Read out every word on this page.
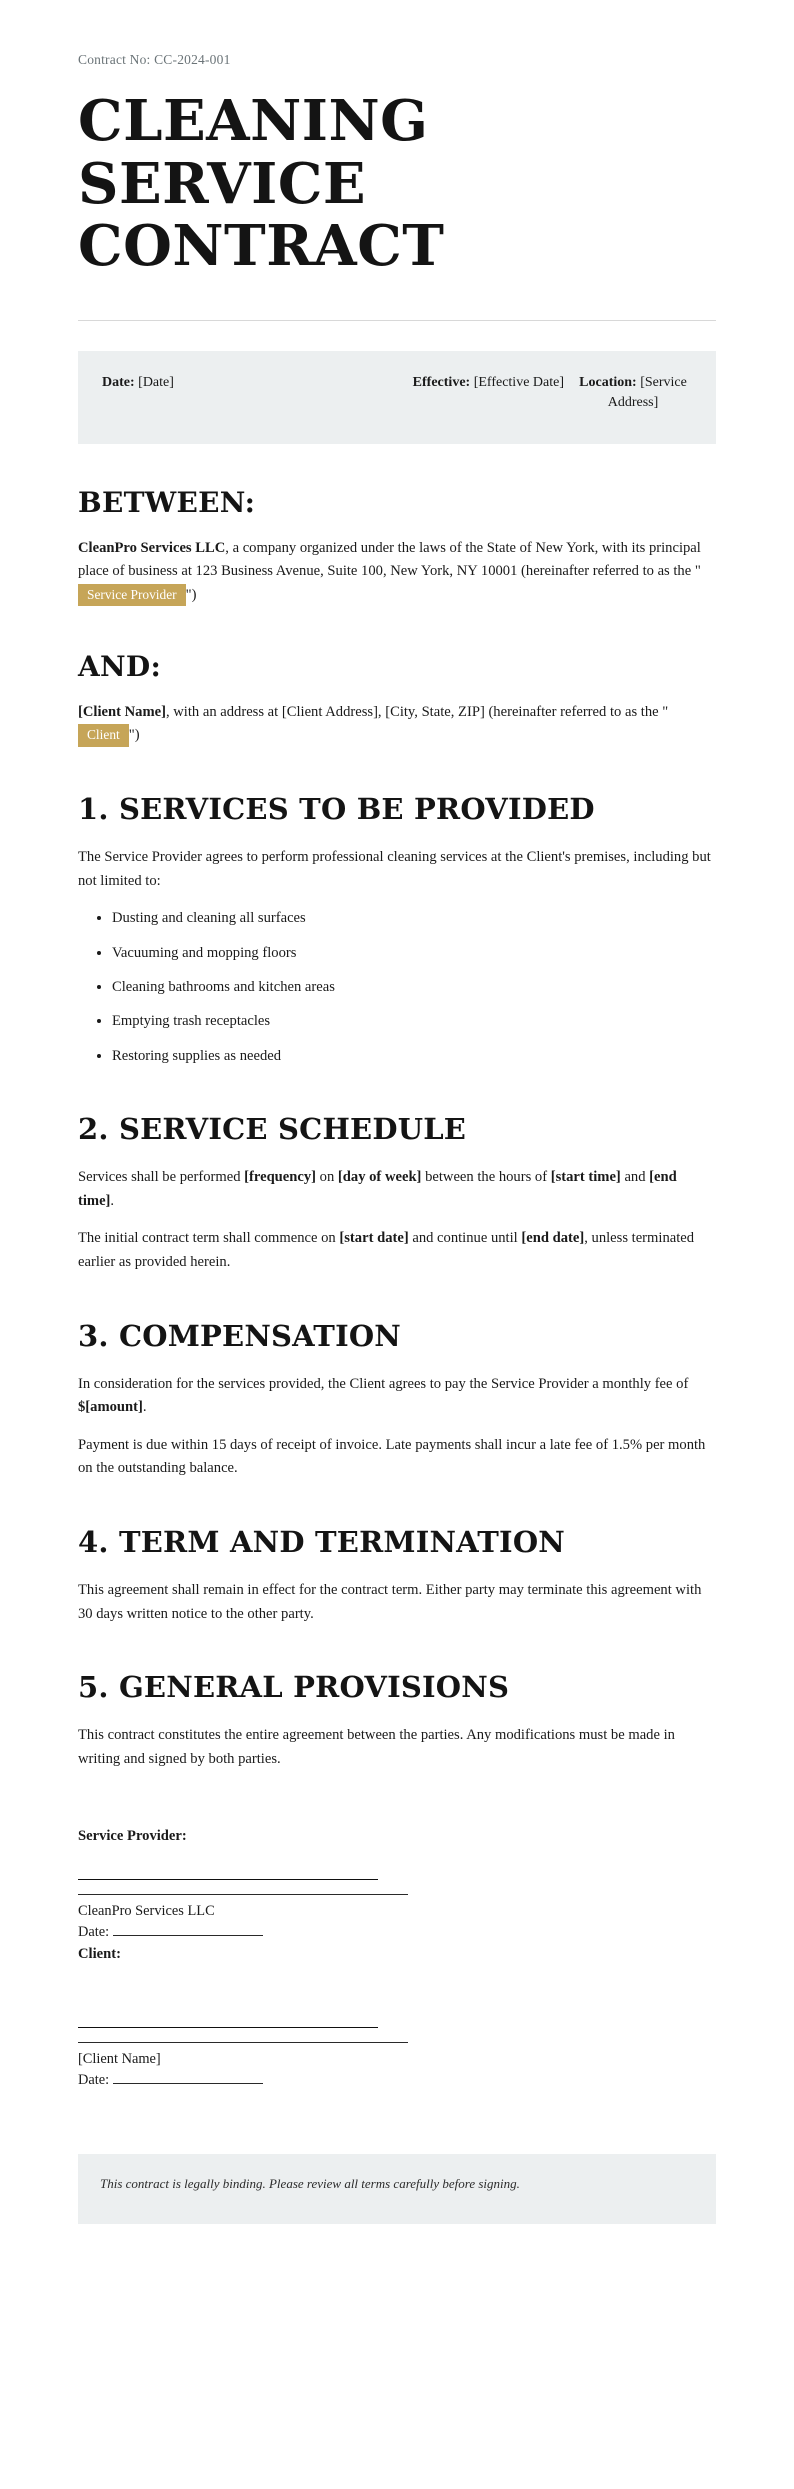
Contract No: CC-2024-001

CLEANING
SERVICE
CONTRACT
Date: [Date]	Effective: [Effective Date]	Location: [Service Address]
BETWEEN:

CleanPro Services LLC, a company organized under the laws of the State of New York, with its principal place of business at 123 Business Avenue, Suite 100, New York, NY 10001 (hereinafter referred to as the "Service Provider ")

AND:

[Client Name], with an address at [Client Address], [City, State, ZIP] (hereinafter referred to as the "Client ")

1. SERVICES TO BE PROVIDED

The Service Provider agrees to perform professional cleaning services at the Client's premises, including but not limited to:

• Dusting and cleaning all surfaces
• Vacuuming and mopping floors
• Cleaning bathrooms and kitchen areas
• Emptying trash receptacles
• Restoring supplies as needed
2. SERVICE SCHEDULE

Services shall be performed [frequency] on [day of week] between the hours of [start time] and [end time].

The initial contract term shall commence on [start date] and continue until [end date], unless terminated earlier as provided herein.

3. COMPENSATION

In consideration for the services provided, the Client agrees to pay the Service Provider a monthly fee of $[amount].

Payment is due within 15 days of receipt of invoice. Late payments shall incur a late fee of 1.5% per month on the outstanding balance.

4. TERM AND TERMINATION

This agreement shall remain in effect for the contract term. Either party may terminate this agreement with 30 days written notice to the other party.

5. GENERAL PROVISIONS

This contract constitutes the entire agreement between the parties. Any modifications must be made in writing and signed by both parties.

Service Provider:

CleanPro Services LLC

Date:

Client:

[Client Name]

Date:

This contract is legally binding. Please review all terms carefully before signing.
